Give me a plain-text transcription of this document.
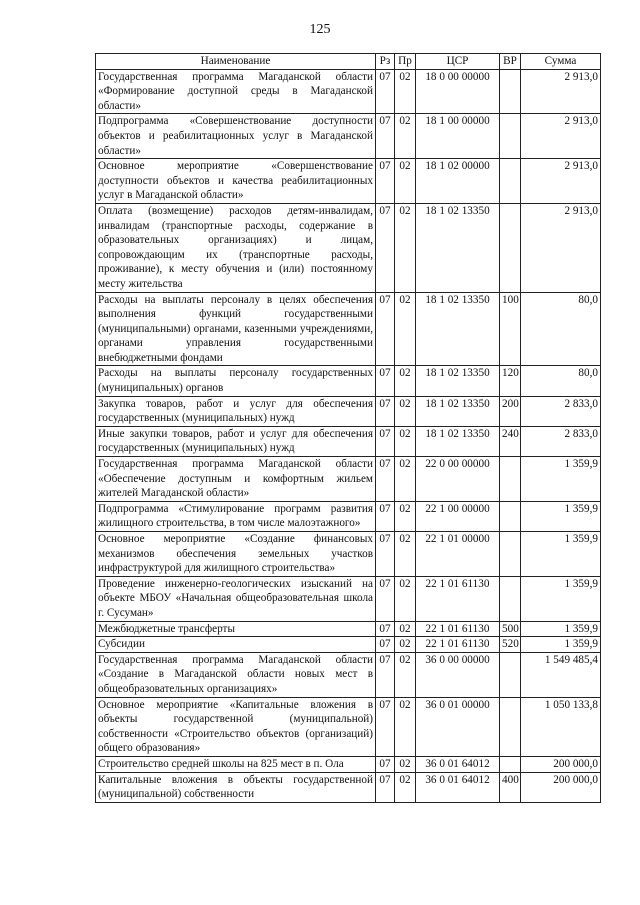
125
Наименование	Рз	Пр	ЦСР	ВР	Сумма
Государственная программа Магаданской области «Формирование доступной среды в Магаданской области»	07	02	18 0 00 00000		2 913,0
Подпрограмма «Совершенствование доступности объектов и реабилитационных услуг в Магаданской области»	07	02	18 1 00 00000		2 913,0
Основное мероприятие «Совершенствование доступности объектов и качества реабилитационных услуг в Магаданской области»	07	02	18 1 02 00000		2 913,0
Оплата (возмещение) расходов детям-инвалидам, инвалидам (транспортные расходы, содержание в образовательных организациях) и лицам, сопровождающим их (транспортные расходы, проживание), к месту обучения и (или) постоянному месту жительства	07	02	18 1 02 13350		2 913,0
Расходы на выплаты персоналу в целях обеспечения выполнения функций государственными (муниципальными) органами, казенными учреждениями, органами управления государственными внебюджетными фондами	07	02	18 1 02 13350	100	80,0
Расходы на выплаты персоналу государственных (муниципальных) органов	07	02	18 1 02 13350	120	80,0
Закупка товаров, работ и услуг для обеспечения государственных (муниципальных) нужд	07	02	18 1 02 13350	200	2 833,0
Иные закупки товаров, работ и услуг для обеспечения государственных (муниципальных) нужд	07	02	18 1 02 13350	240	2 833,0
Государственная программа Магаданской области «Обеспечение доступным и комфортным жильем жителей Магаданской области»	07	02	22 0 00 00000		1 359,9
Подпрограмма «Стимулирование программ развития жилищного строительства, в том числе малоэтажного»	07	02	22 1 00 00000		1 359,9
Основное мероприятие «Создание финансовых механизмов обеспечения земельных участков инфраструктурой для жилищного строительства»	07	02	22 1 01 00000		1 359,9
Проведение инженерно-геологических изысканий на объекте МБОУ «Начальная общеобразовательная школа г. Сусуман»	07	02	22 1 01 61130		1 359,9
Межбюджетные трансферты	07	02	22 1 01 61130	500	1 359,9
Субсидии	07	02	22 1 01 61130	520	1 359,9
Государственная программа Магаданской области «Создание в Магаданской области новых мест в общеобразовательных организациях»	07	02	36 0 00 00000		1 549 485,4
Основное мероприятие «Капитальные вложения в объекты государственной (муниципальной) собственности «Строительство объектов (организаций) общего образования»	07	02	36 0 01 00000		1 050 133,8
Строительство средней школы на 825 мест в п. Ола	07	02	36 0 01 64012		200 000,0
Капитальные вложения в объекты государственной (муниципальной) собственности	07	02	36 0 01 64012	400	200 000,0
